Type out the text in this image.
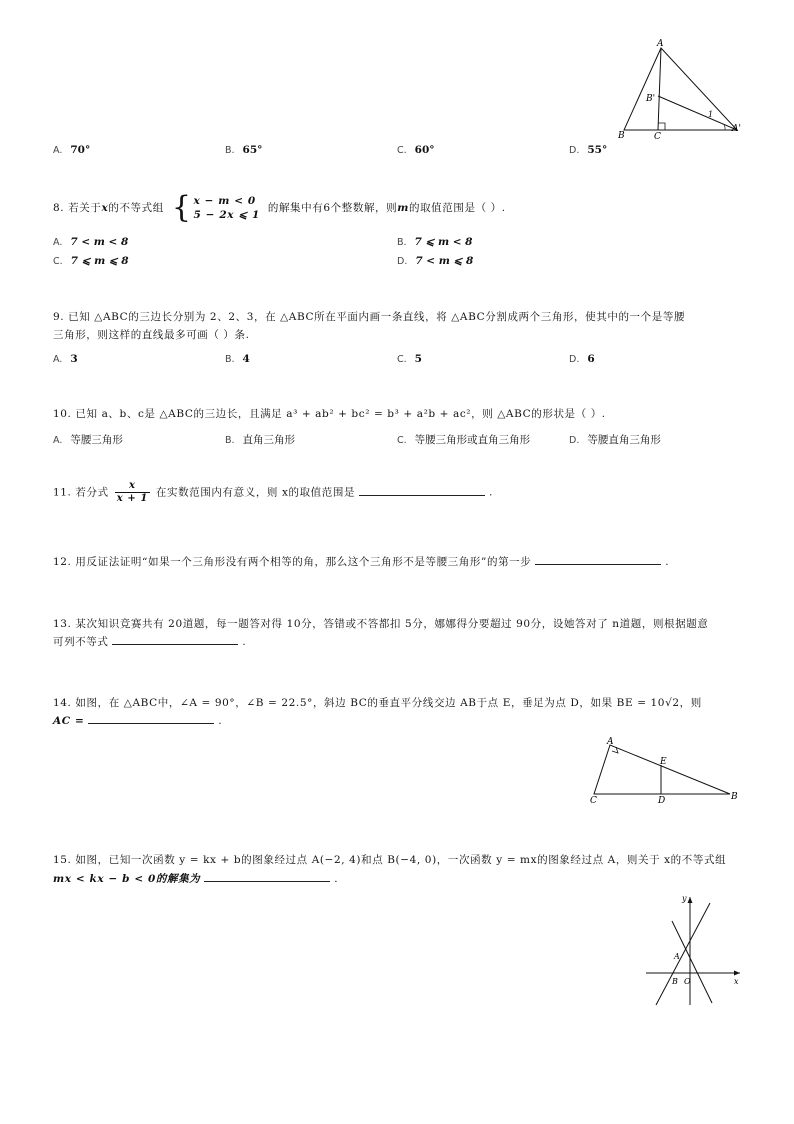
A
B'
B	C
A'
1
A. 70°	B. 65°	C. 60°	D. 55°
8. 若关于x的不等式组 { x − m < 0
5 − 2x ⩽ 1
的解集中有6个整数解，则m的取值范围是（ ）.
A. 7 < m < 8	B. 7 ⩽ m < 8
C. 7 ⩽ m ⩽ 8	D. 7 < m ⩽ 8
9. 已知 △ABC的三边长分别为 2、2、3，在 △ABC所在平面内画一条直线，将 △ABC分割成两个三角形，使其中的一个是等腰
三角形，则这样的直线最多可画（ ）条.
A. 3	B. 4	C. 5	D. 6
10. 已知 a、b、c是 △ABC的三边长，且满足 a³ + ab² + bc² = b³ + a²b + ac²，则 △ABC的形状是（ ）.
A. 等腰三角形	B. 直角三角形	C. 等腰三角形或直角三角形	D. 等腰直角三角形
11. 若分式 $\frac{x}{x + 1}$ 在实数范围内有意义，则 x的取值范围是	.
12. 用反证法证明“如果一个三角形没有两个相等的角，那么这个三角形不是等腰三角形”的第一步	.
13. 某次知识竞赛共有 20道题，每一题答对得 10分，答错或不答都扣 5分，娜娜得分要超过 90分，设她答对了 n道题，则根据题意
可列不等式	.
14. 如图，在 △ABC中，∠A = 90°，∠B = 22.5°，斜边 BC的垂直平分线交边 AB于点 E，垂足为点 D，如果 BE = 10√2，则
AC =	.
A
E
C	D	B
15. 如图，已知一次函数 y = kx + b的图象经过点 A(−2, 4)和点 B(−4, 0)，一次函数 y = mx的图象经过点 A，则关于 x的不等式组
mx < kx − b < 0的解集为	.
y
x
A
B O
